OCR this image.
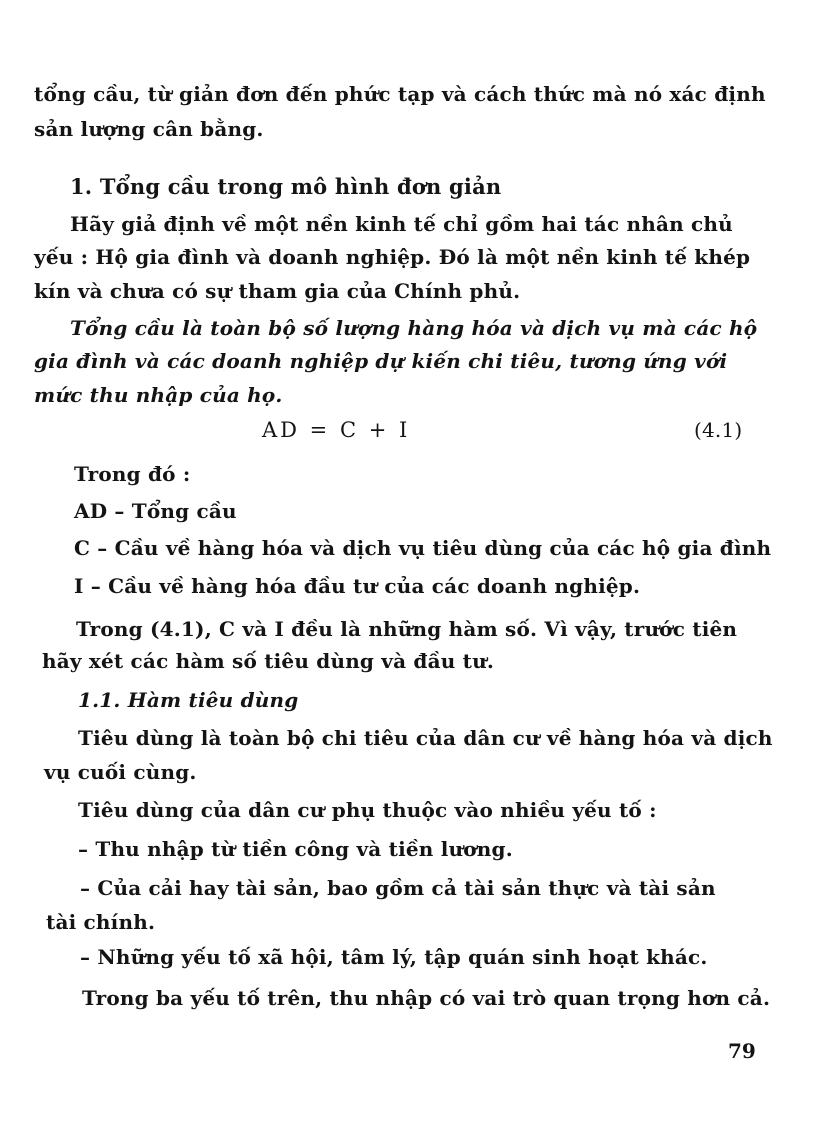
tổng cầu, từ giản đơn đến phức tạp và cách thức mà nó xác định
sản lượng cân bằng.
1. Tổng cầu trong mô hình đơn giản
Hãy giả định về một nền kinh tế chỉ gồm hai tác nhân chủ
yếu : Hộ gia đình và doanh nghiệp. Đó là một nền kinh tế khép
kín và chưa có sự tham gia của Chính phủ.
Tổng cầu là toàn bộ số lượng hàng hóa và dịch vụ mà các hộ
gia đình và các doanh nghiệp dự kiến chi tiêu, tương ứng với
mức thu nhập của họ.
AD = C + I	(4.1)
Trong đó :
AD – Tổng cầu
C – Cầu về hàng hóa và dịch vụ tiêu dùng của các hộ gia đình
I – Cầu về hàng hóa đầu tư của các doanh nghiệp.
Trong (4.1), C và I đều là những hàm số. Vì vậy, trước tiên
hãy xét các hàm số tiêu dùng và đầu tư.
1.1. Hàm tiêu dùng
Tiêu dùng là toàn bộ chi tiêu của dân cư về hàng hóa và dịch
vụ cuối cùng.
Tiêu dùng của dân cư phụ thuộc vào nhiều yếu tố :
– Thu nhập từ tiền công và tiền lương.
– Của cải hay tài sản, bao gồm cả tài sản thực và tài sản
tài chính.
– Những yếu tố xã hội, tâm lý, tập quán sinh hoạt khác.
Trong ba yếu tố trên, thu nhập có vai trò quan trọng hơn cả.
79
